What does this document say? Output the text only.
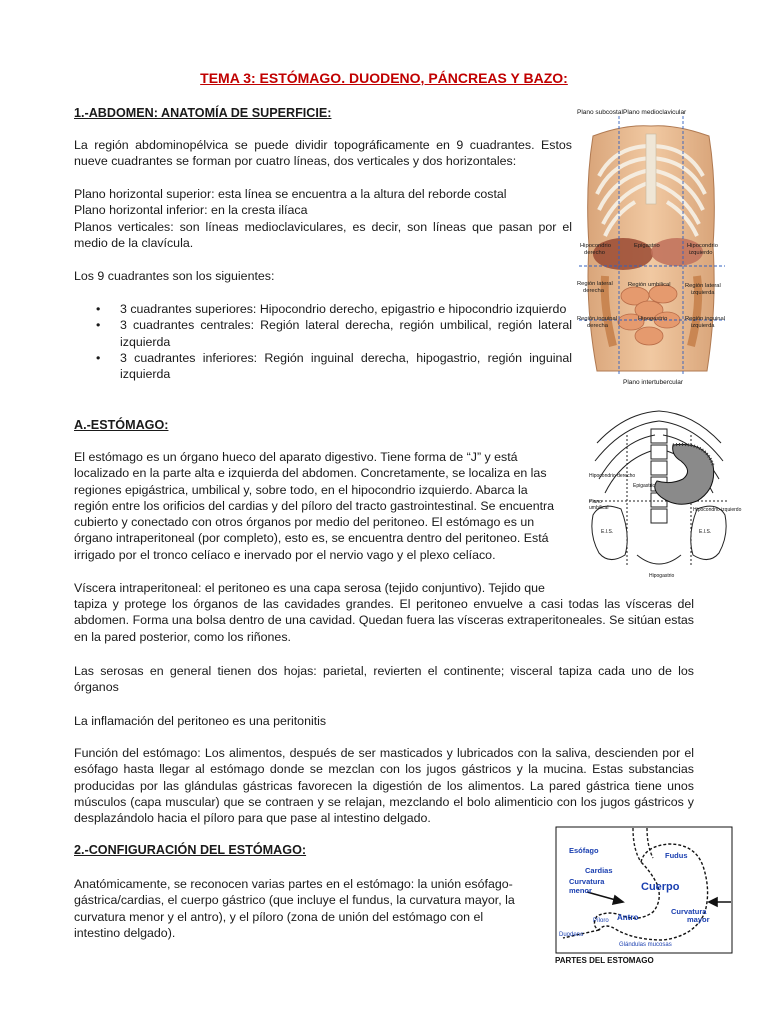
TEMA 3: ESTÓMAGO. DUODENO, PÁNCREAS Y BAZO:
1.-ABDOMEN: ANATOMÍA DE SUPERFICIE:
La región abdominopélvica se puede dividir topográficamente en 9 cuadrantes. Estos nueve cuadrantes se forman por cuatro líneas, dos verticales y dos horizontales:
Plano horizontal superior: esta línea se encuentra a la altura del reborde costal
Plano horizontal inferior: en la cresta ilíaca
Planos verticales: son líneas medioclaviculares, es decir, son líneas que pasan por el medio de la clavícula.
Los 9 cuadrantes son los siguientes:
• 3 cuadrantes superiores: Hipocondrio derecho, epigastrio e hipocondrio izquierdo
• 3 cuadrantes centrales: Región lateral derecha, región umbilical, región lateral izquierda
• 3 cuadrantes inferiores: Región inguinal derecha, hipogastrio, región inguinal izquierda
Plano subcostal Plano medioclavicular
Plano intertubercular
Hipocondrio
derecho
Epigastrio	Hipocondrio
izquierdo
Región lateral
derecha
Región umbilical Región lateral
izquierda
Región inguinal
derecha
Hipogastrio	Región inguinal
izquierda
A.-ESTÓMAGO:
El estómago es un órgano hueco del aparato digestivo. Tiene forma de “J” y está
localizado en la parte alta e izquierda del abdomen. Concretamente, se localiza en las
regiones epigástrica, umbilical y, sobre todo, en el hipocondrio izquierdo. Abarca la
región entre los orificios del cardias y del píloro del tracto gastrointestinal. Se encuentra
cubierto y conectado con otros órganos por medio del peritoneo. El estómago es un
órgano intraperitoneal (por completo), esto es, se encuentra dentro del peritoneo. Está
irrigado por el tronco celíaco e inervado por el nervio vago y el plexo celíaco.
Hipocondrio derecho
Epigastrio
Hipocondrio izquierdo
Plano
umbilical
E.I.S.	E.I.S.
Hipogastrio
Víscera intraperitoneal: el peritoneo es una capa serosa (tejido conjuntivo). Tejido que
tapiza y protege los órganos de las cavidades grandes. El peritoneo envuelve a casi todas las vísceras del abdomen. Forma una bolsa dentro de una cavidad. Quedan fuera las vísceras extraperitoneales. Se sitúan estas en la pared posterior, como los riñones.
Las serosas en general tienen dos hojas: parietal, revierten el continente; visceral tapiza cada uno de los órganos
La inflamación del peritoneo es una peritonitis
Función del estómago: Los alimentos, después de ser masticados y lubricados con la saliva, descienden por el esófago hasta llegar al estómago donde se mezclan con los jugos gástricos y la mucina. Estas substancias producidas por las glándulas gástricas favorecen la digestión de los alimentos. La pared gástrica tiene unos músculos (capa muscular) que se contraen y se relajan, mezclando el bolo alimenticio con los jugos gástricos y desplazándolo hacia el píloro para que pase al intestino delgado.
2.-CONFIGURACIÓN DEL ESTÓMAGO:
Anatómicamente, se reconocen varias partes en el estómago: la unión esófago-
gástrica/cardias, el cuerpo gástrico (que incluye el fundus, la curvatura mayor, la
curvatura menor y el antro), y el píloro (zona de unión del estómago con el
intestino delgado).
Esófago
Fudus
Cardias
Curvatura
menor
Curvatura
mayor
Cuerpo
Antro
Píloro
Duodeno
Glándulas mucosas
PARTES DEL ESTOMAGO
